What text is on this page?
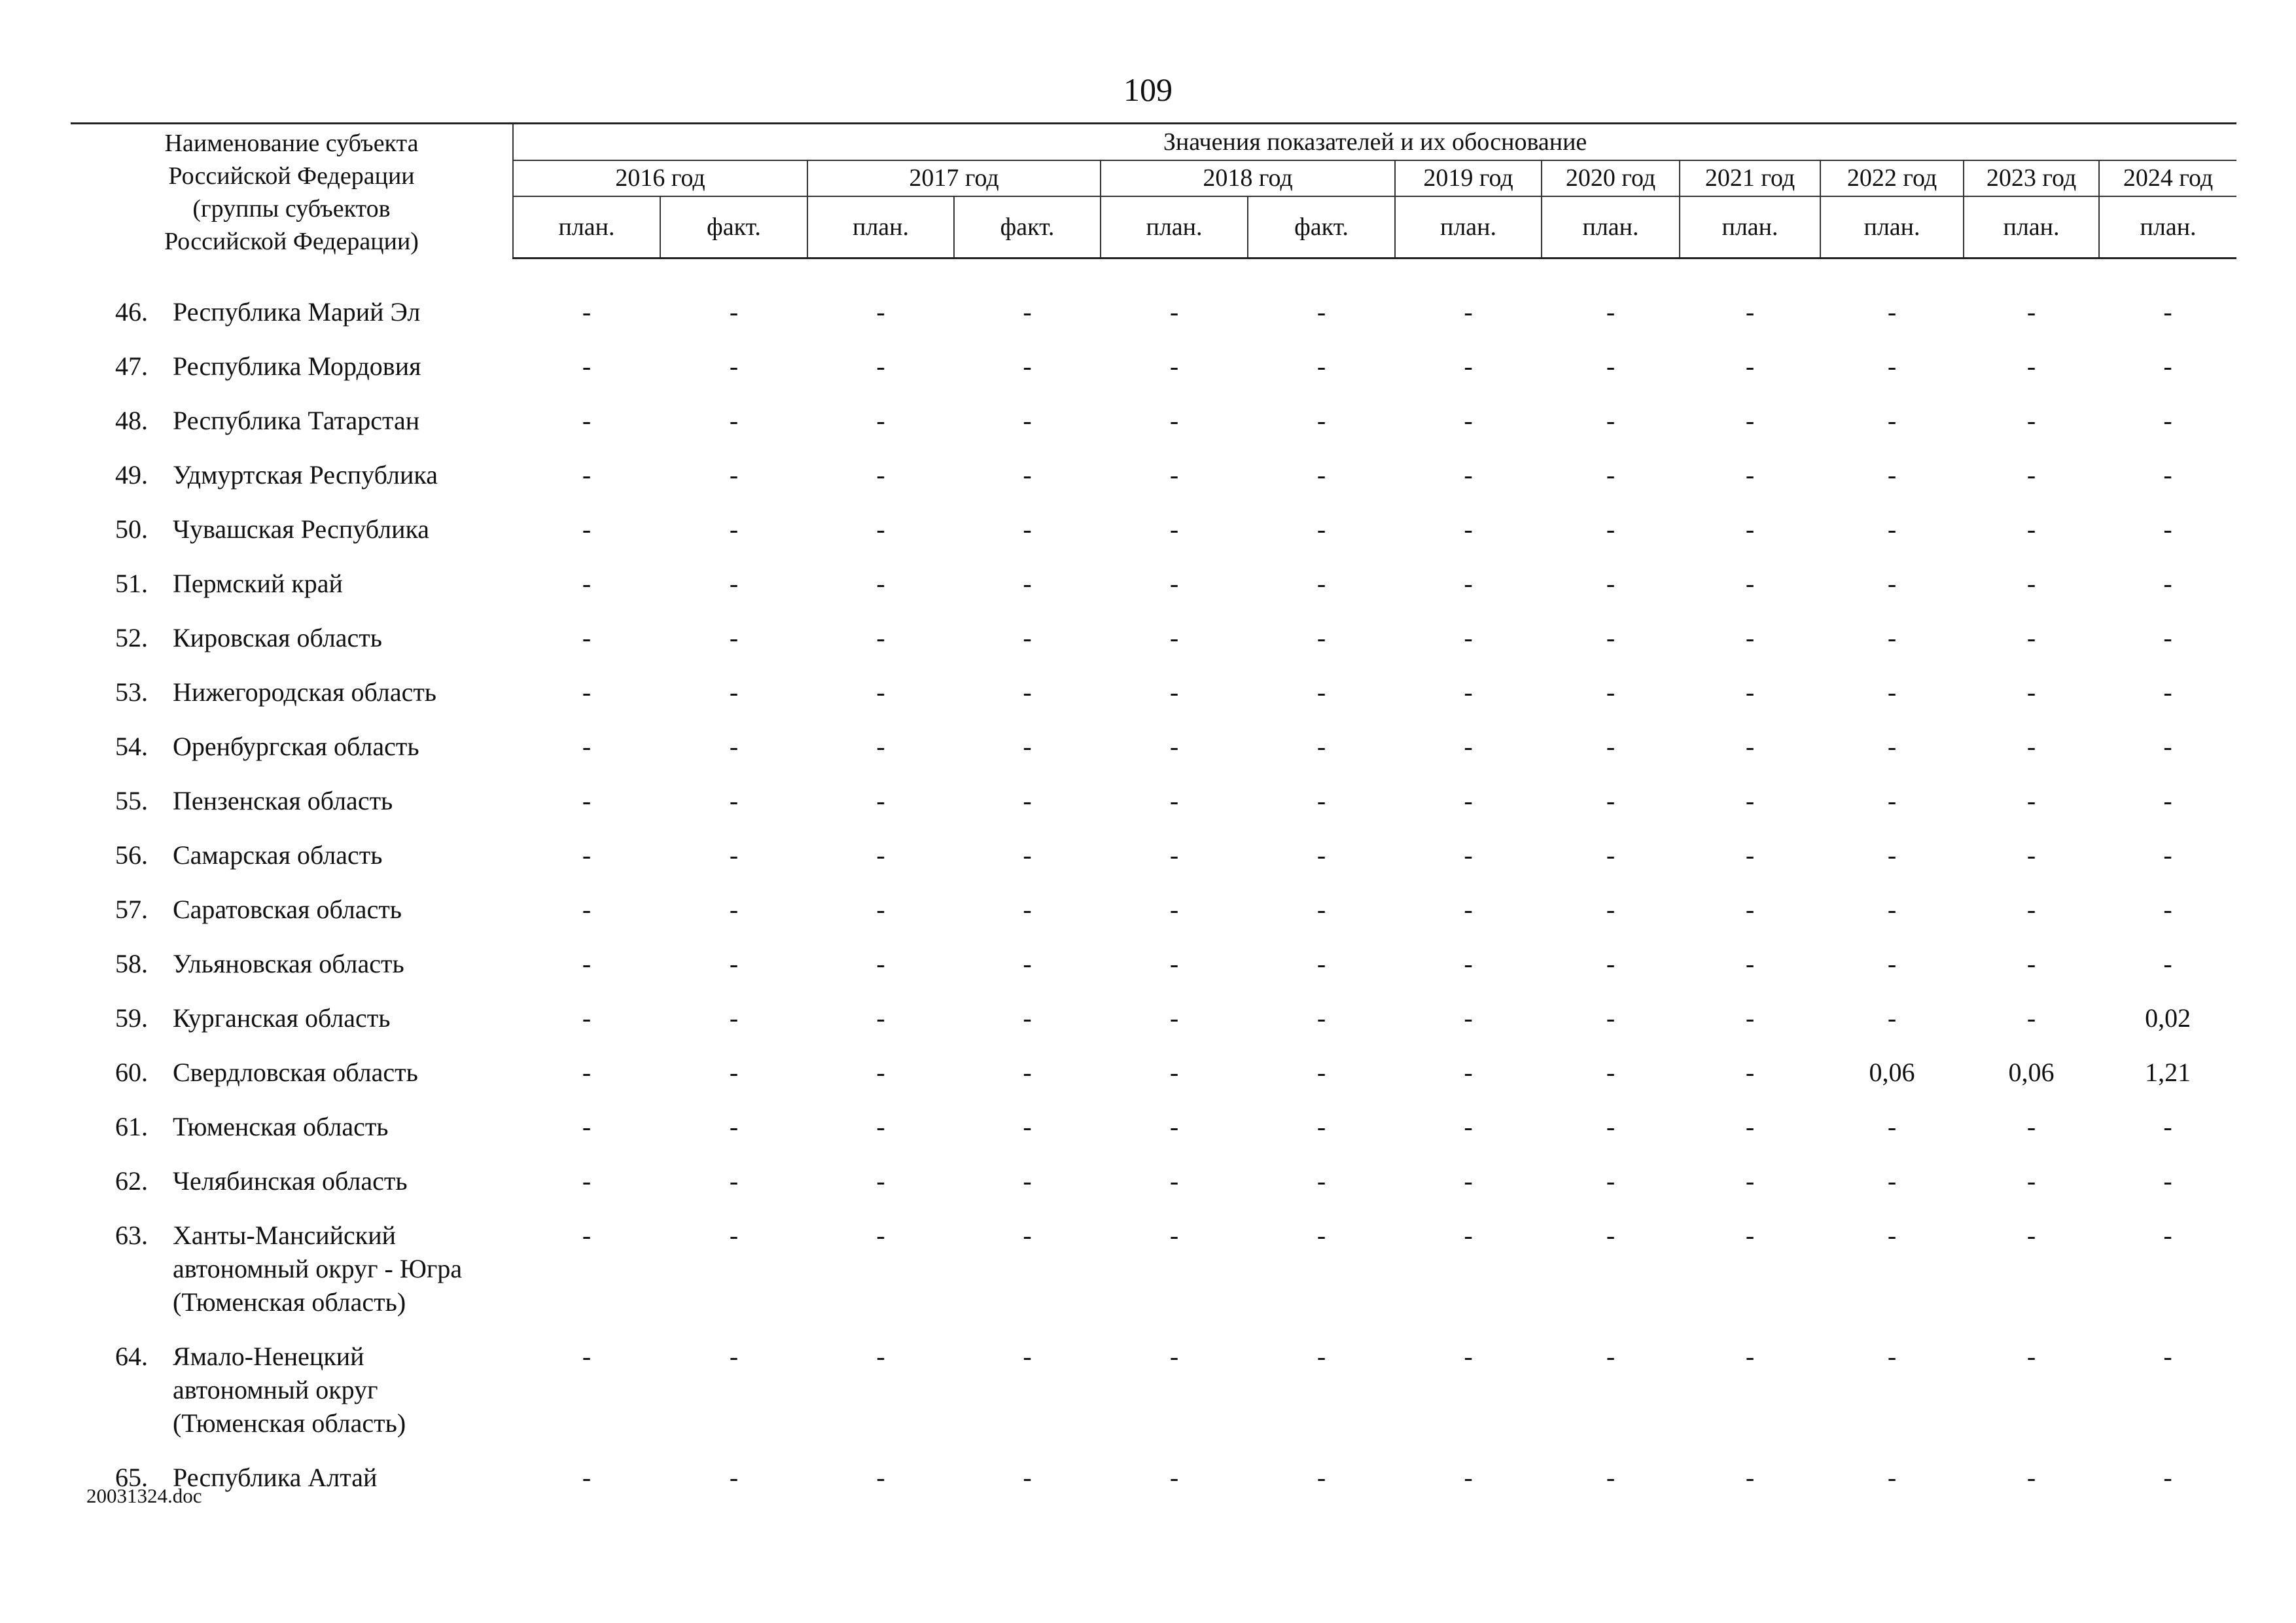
109
Наименование субъекта
Российской Федерации
(группы субъектов
Российской Федерации)		Значения показателей и их обоснование											
		2016 год		2017 год		2018 год		2019 год	2020 год	2021 год	2022 год	2023 год	2024 год
		план.	факт.	план.	факт.	план.	факт.	план.	план.	план.	план.	план.	план.

46.	Республика Марий Эл	-	-	-	-	-	-	-	-	-	-	-	-
47.	Республика Мордовия	-	-	-	-	-	-	-	-	-	-	-	-
48.	Республика Татарстан	-	-	-	-	-	-	-	-	-	-	-	-
49.	Удмуртская Республика	-	-	-	-	-	-	-	-	-	-	-	-
50.	Чувашская Республика	-	-	-	-	-	-	-	-	-	-	-	-
51.	Пермский край	-	-	-	-	-	-	-	-	-	-	-	-
52.	Кировская область	-	-	-	-	-	-	-	-	-	-	-	-
53.	Нижегородская область	-	-	-	-	-	-	-	-	-	-	-	-
54.	Оренбургская область	-	-	-	-	-	-	-	-	-	-	-	-
55.	Пензенская область	-	-	-	-	-	-	-	-	-	-	-	-
56.	Самарская область	-	-	-	-	-	-	-	-	-	-	-	-
57.	Саратовская область	-	-	-	-	-	-	-	-	-	-	-	-
58.	Ульяновская область	-	-	-	-	-	-	-	-	-	-	-	-
59.	Курганская область	-	-	-	-	-	-	-	-	-	-	-	0,02
60.	Свердловская область	-	-	-	-	-	-	-	-	-	0,06	0,06	1,21
61.	Тюменская область	-	-	-	-	-	-	-	-	-	-	-	-
62.	Челябинская область	-	-	-	-	-	-	-	-	-	-	-	-
63.	Ханты-Мансийский
автономный округ - Югра
(Тюменская область)	-	-	-	-	-	-	-	-	-	-	-	-
64.	Ямало-Ненецкий
автономный округ
(Тюменская область)	-	-	-	-	-	-	-	-	-	-	-	-
65.	Республика Алтай	-	-	-	-	-	-	-	-	-	-	-	-
20031324.doc
